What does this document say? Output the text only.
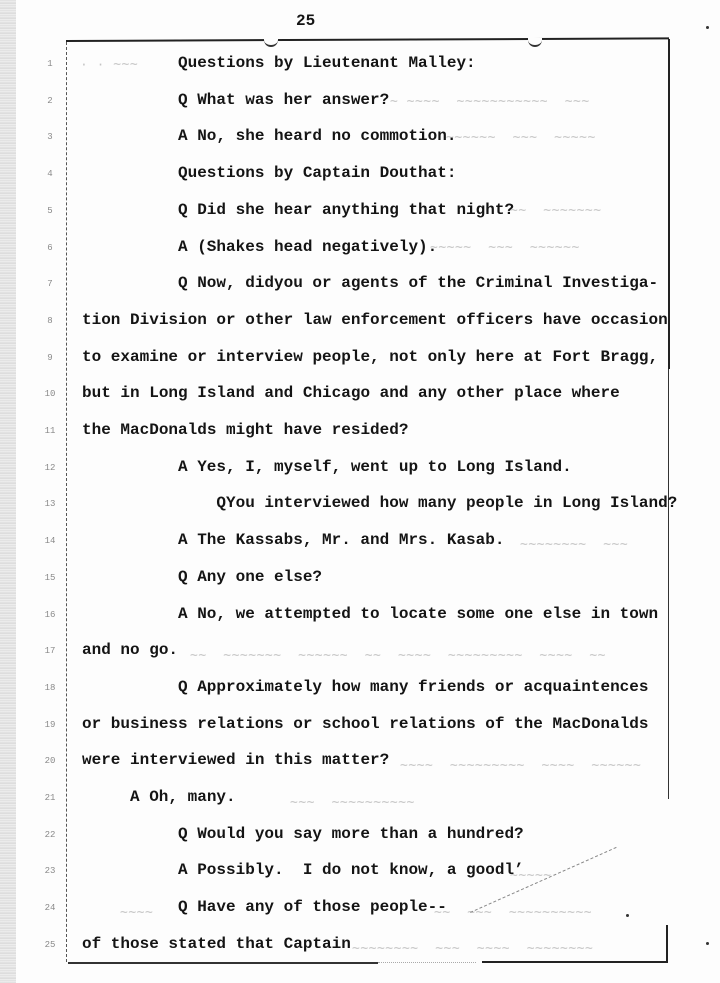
25
· · ∼∼∼
∼ ∼∼∼∼  ∼∼∼∼∼∼∼∼∼∼∼  ∼∼∼
∼∼∼∼∼∼  ∼∼∼  ∼∼∼∼∼
∼∼  ∼∼∼∼∼∼∼
∼∼∼∼∼  ∼∼∼  ∼∼∼∼∼∼
∼∼∼∼∼∼∼∼  ∼∼∼
∼∼  ∼∼∼∼∼∼∼  ∼∼∼∼∼∼  ∼∼  ∼∼∼∼  ∼∼∼∼∼∼∼∼∼  ∼∼∼∼  ∼∼
∼∼∼∼  ∼∼∼∼∼∼∼∼∼  ∼∼∼∼  ∼∼∼∼∼∼
∼∼∼  ∼∼∼∼∼∼∼∼∼∼
∼∼∼∼∼
∼∼∼∼	∼∼  ∼∼∼  ∼∼∼∼∼∼∼∼∼∼
∼∼∼∼∼∼∼∼  ∼∼∼  ∼∼∼∼  ∼∼∼∼∼∼∼∼
1
2
3
4
5
6
7
8
9
10
11
12
13
14
15
16
17
18
19
20
21
22
23
24
25
Questions by Lieutenant Malley:
Q What was her answer?
A No, she heard no commotion.
Questions by Captain Douthat:
Q Did she hear anything that night?
A (Shakes head negatively).
Q Now, didyou or agents of the Criminal Investiga-
tion Division or other law enforcement officers have occasion
to examine or interview people, not only here at Fort Bragg,
but in Long Island and Chicago and any other place where
the MacDonalds might have resided?
A Yes, I, myself, went up to Long Island.
QYou interviewed how many people in Long Island?
A The Kassabs, Mr. and Mrs. Kasab.
Q Any one else?
A No, we attempted to locate some one else in town
and no go.
Q Approximately how many friends or acquaintences
or business relations or school relations of the MacDonalds
were interviewed in this matter?
A Oh, many.
Q Would you say more than a hundred?
A Possibly.  I do not know, a goodl’
Q Have any of those people--
of those stated that Captain
